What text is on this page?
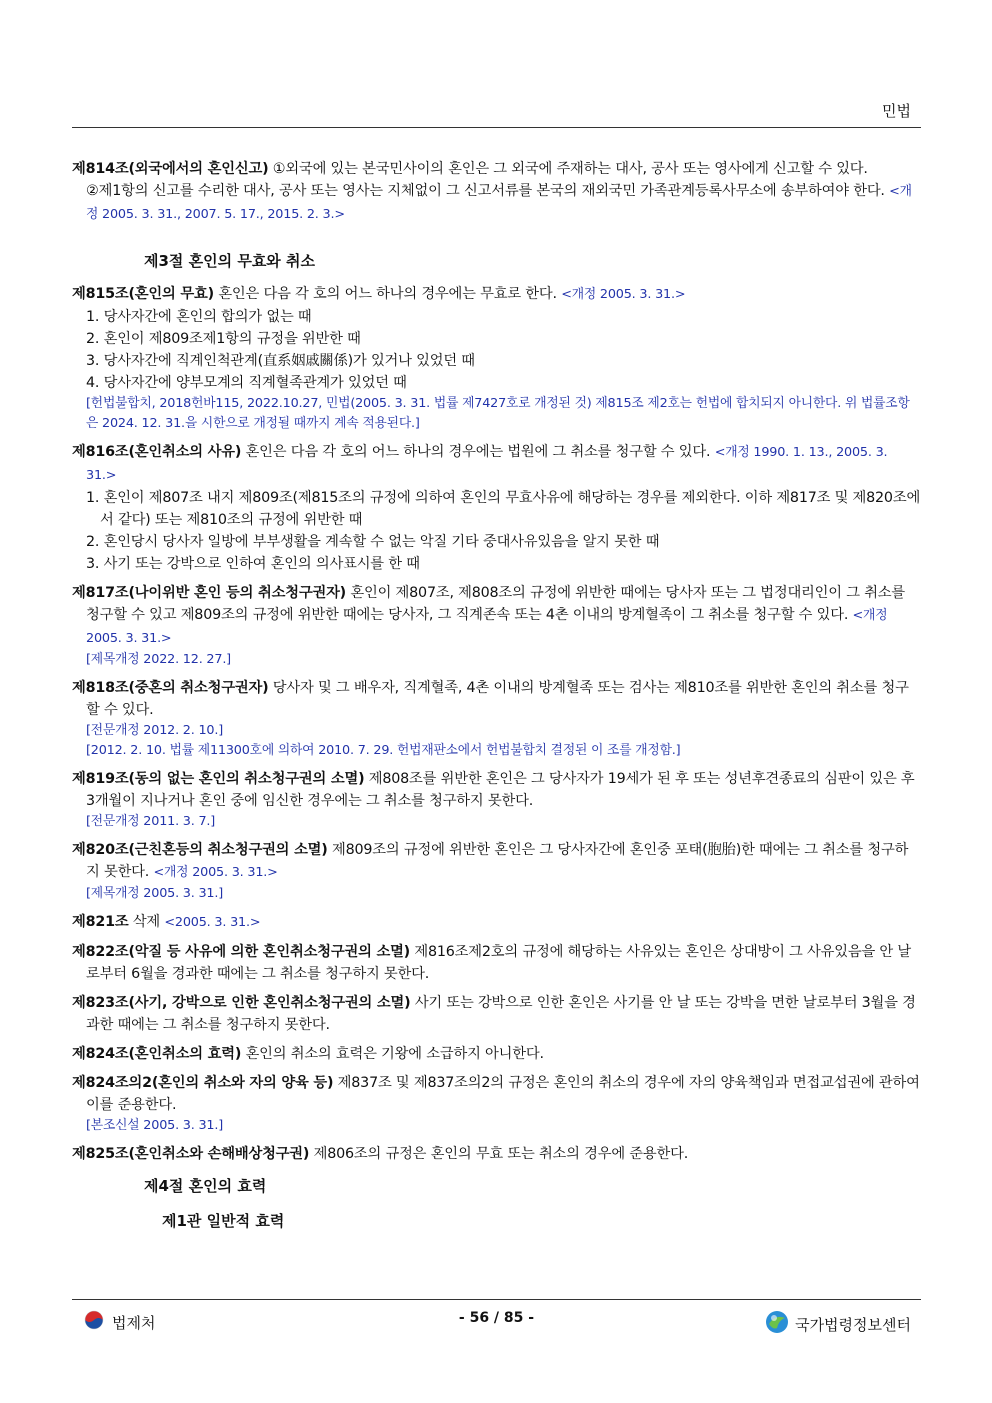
민법
제814조(외국에서의 혼인신고) ①외국에 있는 본국민사이의 혼인은 그 외국에 주재하는 대사, 공사 또는 영사에게 신고할 수 있다.
②제1항의 신고를 수리한 대사, 공사 또는 영사는 지체없이 그 신고서류를 본국의 재외국민 가족관계등록사무소에 송부하여야 한다. <개정 2005. 3. 31., 2007. 5. 17., 2015. 2. 3.>
제3절 혼인의 무효와 취소
제815조(혼인의 무효) 혼인은 다음 각 호의 어느 하나의 경우에는 무효로 한다. <개정 2005. 3. 31.>
1. 당사자간에 혼인의 합의가 없는 때
2. 혼인이 제809조제1항의 규정을 위반한 때
3. 당사자간에 직계인척관계(直系姻戚關係)가 있거나 있었던 때
4. 당사자간에 양부모계의 직계혈족관계가 있었던 때
[헌법불합치, 2018헌바115, 2022.10.27, 민법(2005. 3. 31. 법률 제7427호로 개정된 것) 제815조 제2호는 헌법에 합치되지 아니한다. 위 법률조항은 2024. 12. 31.을 시한으로 개정될 때까지 계속 적용된다.]
제816조(혼인취소의 사유) 혼인은 다음 각 호의 어느 하나의 경우에는 법원에 그 취소를 청구할 수 있다. <개정 1990. 1. 13., 2005. 3. 31.>
1. 혼인이 제807조 내지 제809조(제815조의 규정에 의하여 혼인의 무효사유에 해당하는 경우를 제외한다. 이하 제817조 및 제820조에서 같다) 또는 제810조의 규정에 위반한 때
2. 혼인당시 당사자 일방에 부부생활을 계속할 수 없는 악질 기타 중대사유있음을 알지 못한 때
3. 사기 또는 강박으로 인하여 혼인의 의사표시를 한 때
제817조(나이위반 혼인 등의 취소청구권자) 혼인이 제807조, 제808조의 규정에 위반한 때에는 당사자 또는 그 법정대리인이 그 취소를 청구할 수 있고 제809조의 규정에 위반한 때에는 당사자, 그 직계존속 또는 4촌 이내의 방계혈족이 그 취소를 청구할 수 있다. <개정 2005. 3. 31.>
[제목개정 2022. 12. 27.]
제818조(중혼의 취소청구권자) 당사자 및 그 배우자, 직계혈족, 4촌 이내의 방계혈족 또는 검사는 제810조를 위반한 혼인의 취소를 청구할 수 있다.
[전문개정 2012. 2. 10.]
[2012. 2. 10. 법률 제11300호에 의하여 2010. 7. 29. 헌법재판소에서 헌법불합치 결정된 이 조를 개정함.]
제819조(동의 없는 혼인의 취소청구권의 소멸) 제808조를 위반한 혼인은 그 당사자가 19세가 된 후 또는 성년후견종료의 심판이 있은 후 3개월이 지나거나 혼인 중에 임신한 경우에는 그 취소를 청구하지 못한다.
[전문개정 2011. 3. 7.]
제820조(근친혼등의 취소청구권의 소멸) 제809조의 규정에 위반한 혼인은 그 당사자간에 혼인중 포태(胞胎)한 때에는 그 취소를 청구하지 못한다. <개정 2005. 3. 31.>
[제목개정 2005. 3. 31.]
제821조 삭제 <2005. 3. 31.>
제822조(악질 등 사유에 의한 혼인취소청구권의 소멸) 제816조제2호의 규정에 해당하는 사유있는 혼인은 상대방이 그 사유있음을 안 날로부터 6월을 경과한 때에는 그 취소를 청구하지 못한다.
제823조(사기, 강박으로 인한 혼인취소청구권의 소멸) 사기 또는 강박으로 인한 혼인은 사기를 안 날 또는 강박을 면한 날로부터 3월을 경과한 때에는 그 취소를 청구하지 못한다.
제824조(혼인취소의 효력) 혼인의 취소의 효력은 기왕에 소급하지 아니한다.
제824조의2(혼인의 취소와 자의 양육 등) 제837조 및 제837조의2의 규정은 혼인의 취소의 경우에 자의 양육책임과 면접교섭권에 관하여 이를 준용한다.
[본조신설 2005. 3. 31.]
제825조(혼인취소와 손해배상청구권) 제806조의 규정은 혼인의 무효 또는 취소의 경우에 준용한다.
제4절 혼인의 효력
제1관 일반적 효력
법제처	- 56 / 85 -	국가법령정보센터
